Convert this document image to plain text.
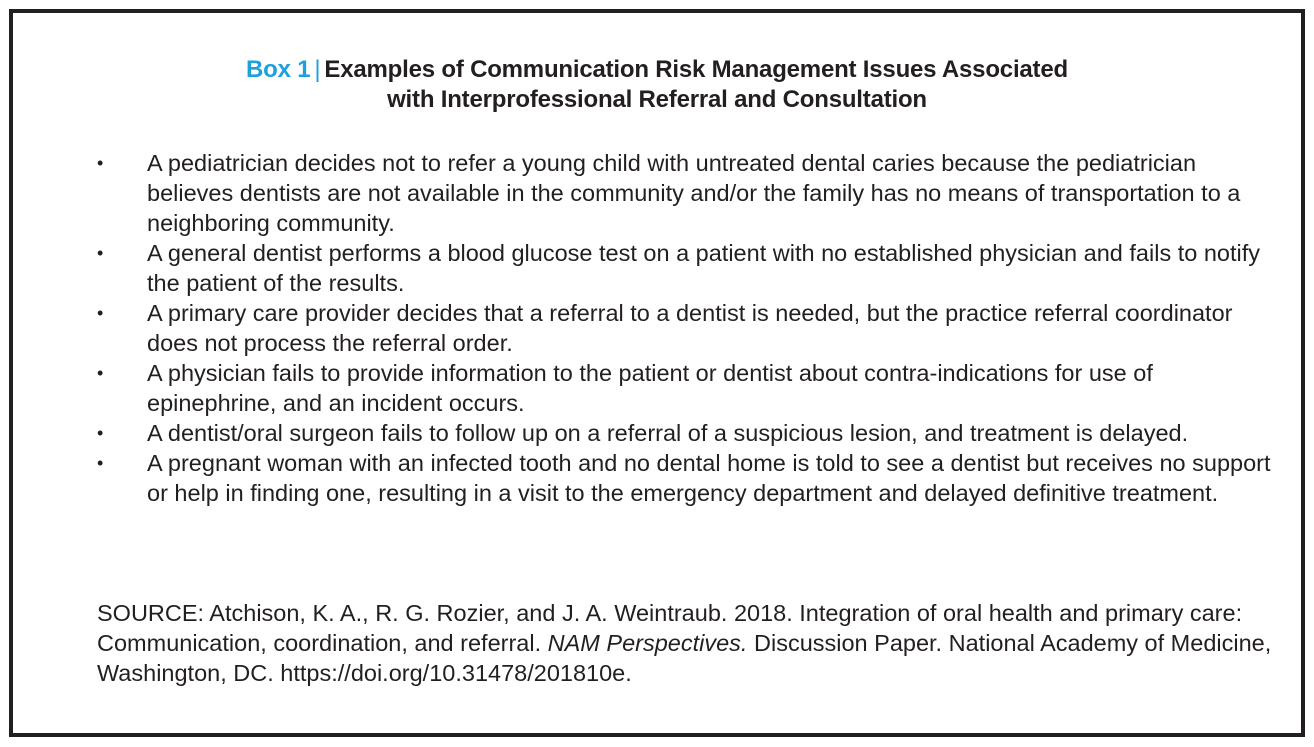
Box 1 | Examples of Communication Risk Management Issues Associated
with Interprofessional Referral and Consultation
•	A pediatrician decides not to refer a young child with untreated dental caries because the pediatrician believes dentists are not available in the community and/or the family has no means of transportation to a neighboring community.
•	A general dentist performs a blood glucose test on a patient with no established physician and fails to notify the patient of the results.
•	A primary care provider decides that a referral to a dentist is needed, but the practice referral coordinator does not process the referral order.
•	A physician fails to provide information to the patient or dentist about contra-indications for use of epinephrine, and an incident occurs.
•	A dentist/oral surgeon fails to follow up on a referral of a suspicious lesion, and treatment is delayed.
•	A pregnant woman with an infected tooth and no dental home is told to see a dentist but receives no support or help in finding one, resulting in a visit to the emergency department and delayed definitive treatment.
SOURCE: Atchison, K. A., R. G. Rozier, and J. A. Weintraub. 2018. Integration of oral health and primary care: Communication, coordination, and referral. NAM Perspectives. Discussion Paper. National Academy of Medicine, Washington, DC. https://doi.org/10.31478/201810e.
